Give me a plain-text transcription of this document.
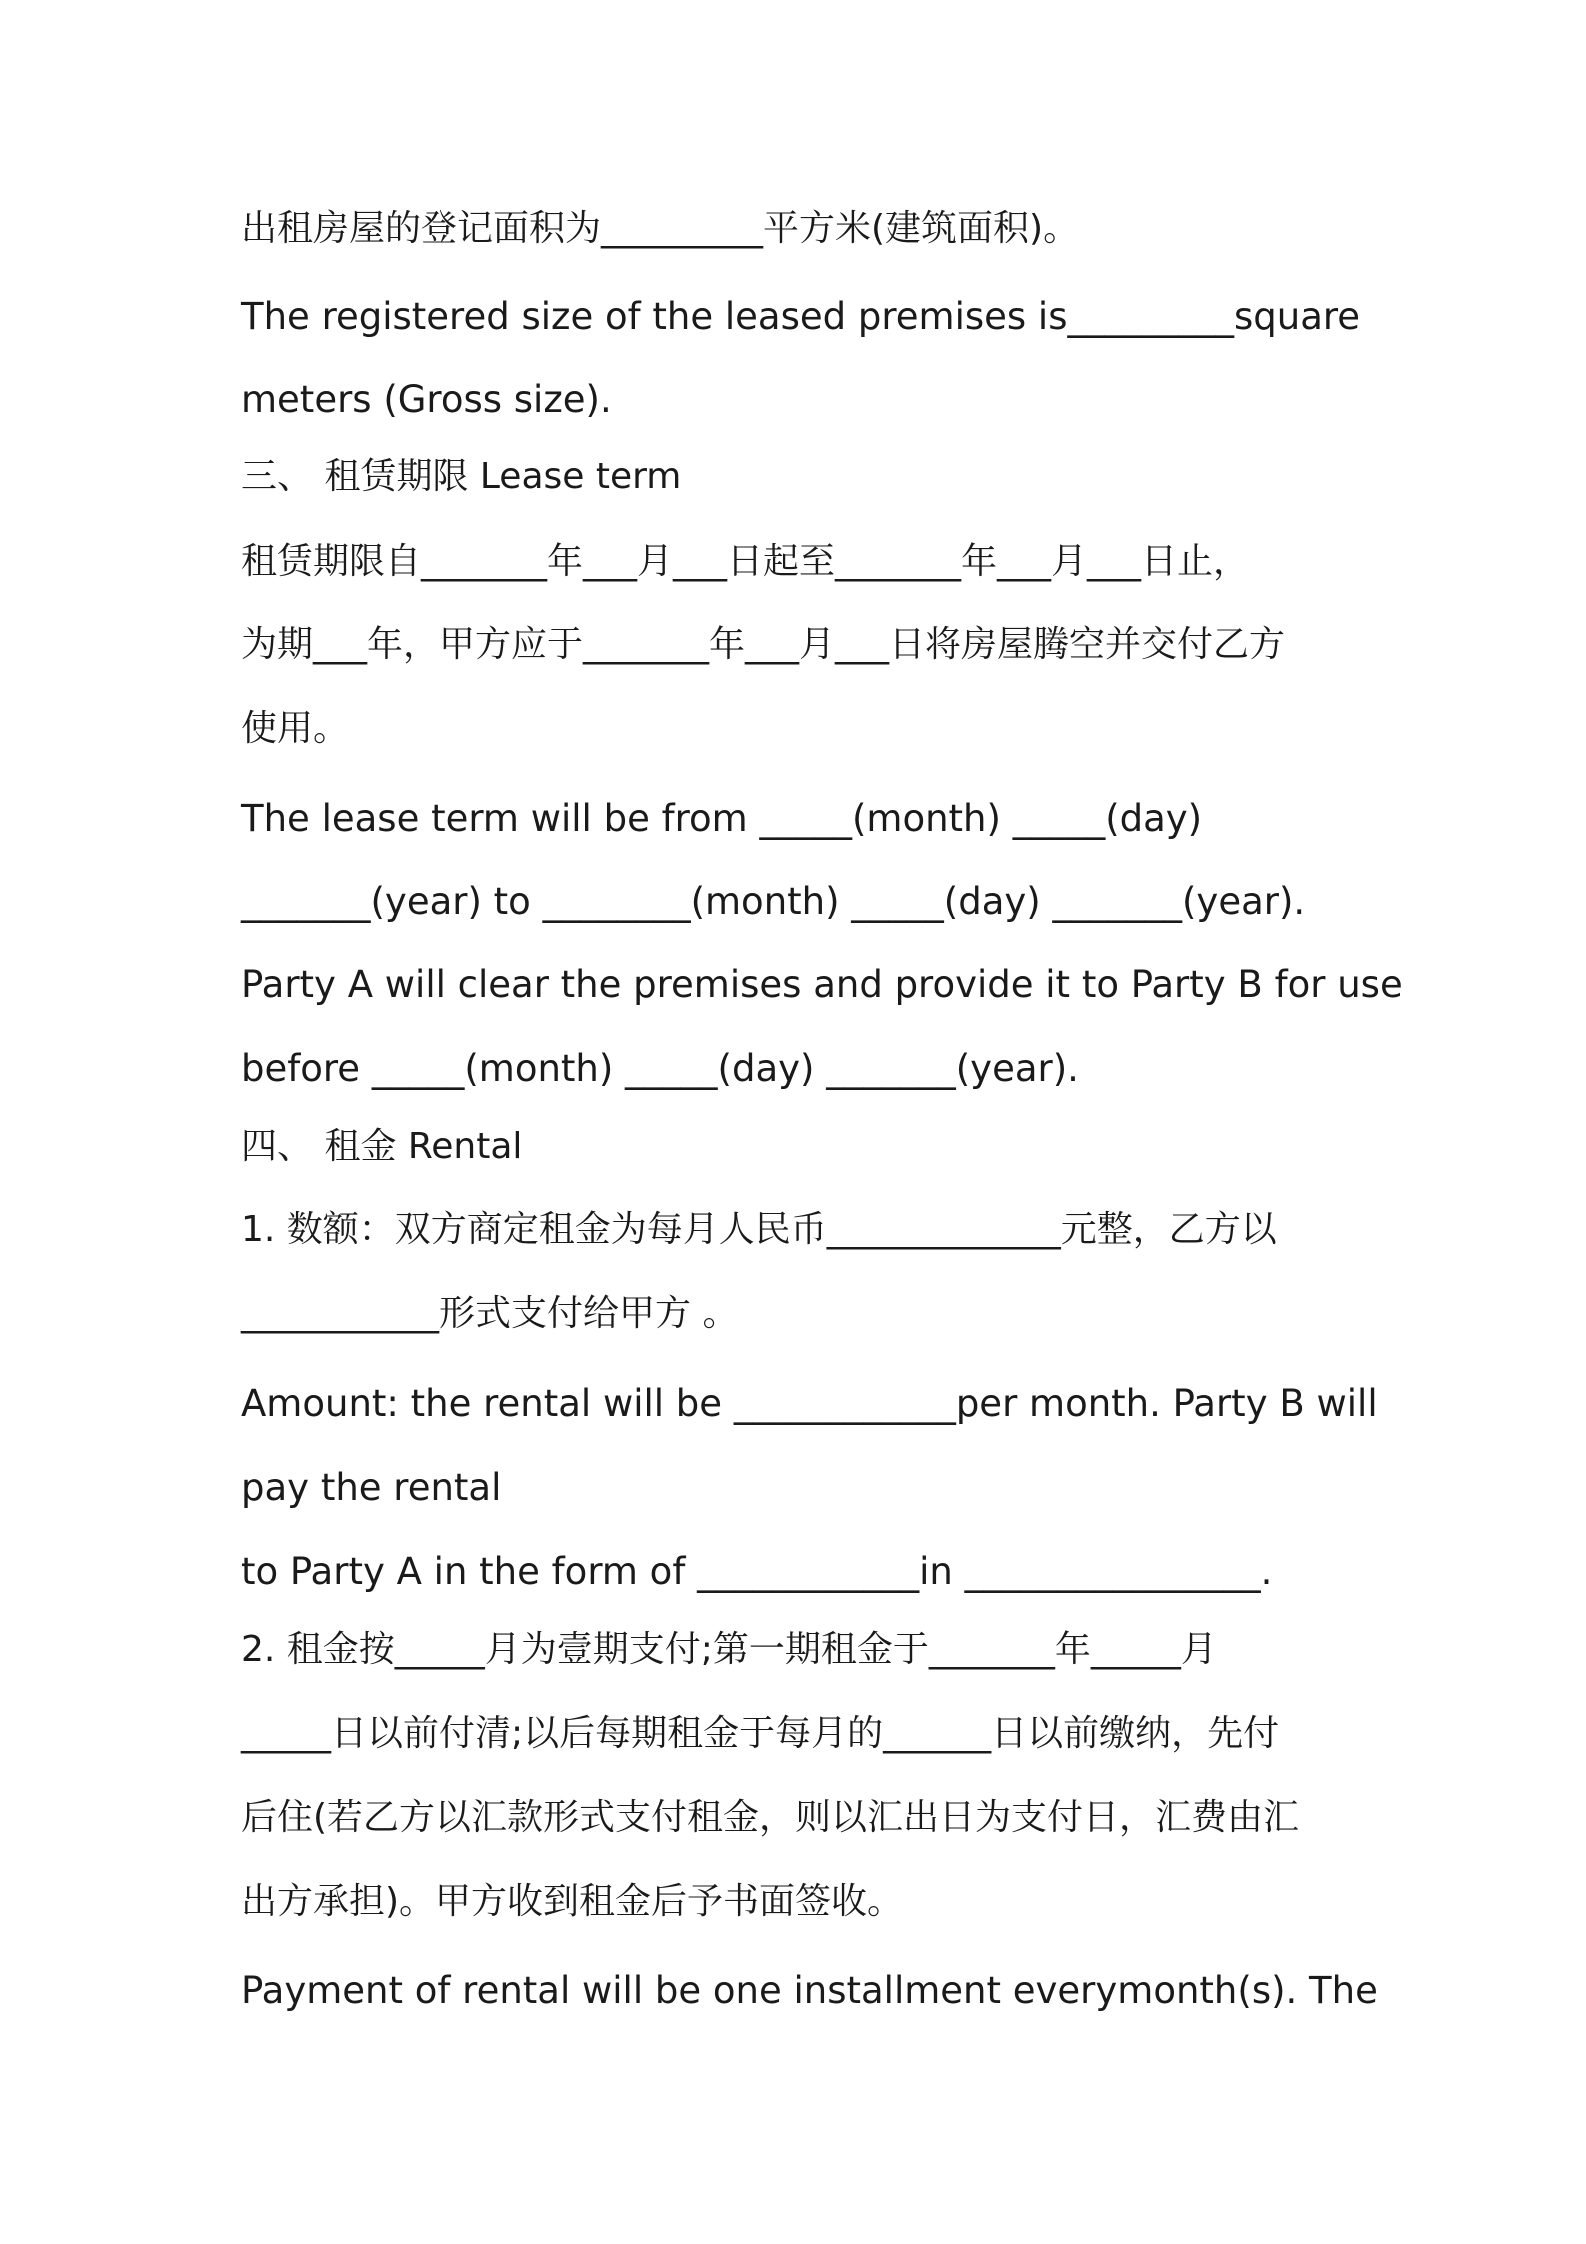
出租房屋的登记面积为_________平方米(建筑面积)。
The registered size of the leased premises is_________square
meters (Gross size).
三、 租赁期限 Lease term
租赁期限自_______年___月___日起至_______年___月___日止，
为期___年，甲方应于_______年___月___日将房屋腾空并交付乙方
使用。
The lease term will be from _____(month) _____(day)
_______(year) to ________(month) _____(day) _______(year).
Party A will clear the premises and provide it to Party B for use
before _____(month) _____(day) _______(year).
四、 租金 Rental
1. 数额：双方商定租金为每月人民币_____________元整，乙方以
___________形式支付给甲方 。
Amount: the rental will be ____________per month. Party B will
pay the rental
to Party A in the form of ____________in ________________.
2. 租金按_____月为壹期支付;第一期租金于_______年_____月
_____日以前付清;以后每期租金于每月的______日以前缴纳，先付
后住(若乙方以汇款形式支付租金，则以汇出日为支付日，汇费由汇
出方承担)。甲方收到租金后予书面签收。
Payment of rental will be one installment everymonth(s). The
